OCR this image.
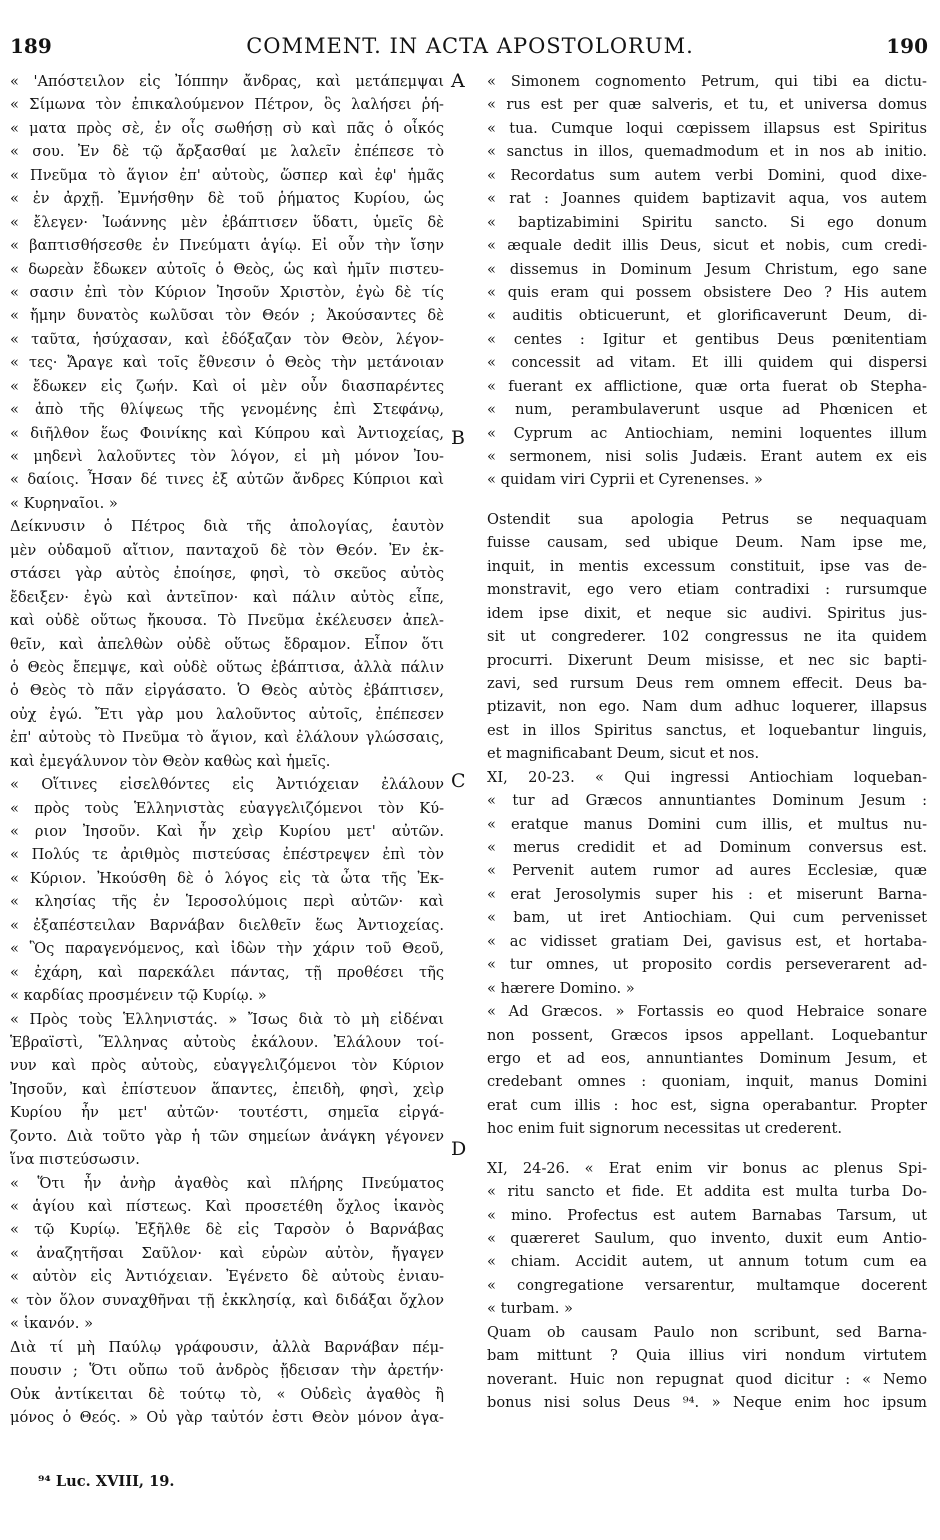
189	COMMENT. IN ACTA APOSTOLORUM.	190
A
B
C
D
« 'Απόστειλον εἰς Ἰόππην ἄνδρας, καὶ μετάπεμψαι
« Σίμωνα τὸν ἐπικαλούμενον Πέτρον, ὃς λαλήσει ῥή-
« ματα πρὸς σὲ, ἐν οἷς σωθήσῃ σὺ καὶ πᾶς ὁ οἶκός
« σου. Ἐν δὲ τῷ ἄρξασθαί με λαλεῖν ἐπέπεσε τὸ
« Πνεῦμα τὸ ἅγιον ἐπ' αὐτοὺς, ὥσπερ καὶ ἐφ' ἡμᾶς
« ἐν ἀρχῇ. Ἐμνήσθην δὲ τοῦ ῥήματος Κυρίου, ὡς
« ἔλεγεν· Ἰωάννης μὲν ἐβάπτισεν ὕδατι, ὑμεῖς δὲ
« βαπτισθήσεσθε ἐν Πνεύματι ἁγίῳ. Εἰ οὖν τὴν ἴσην
« δωρεὰν ἔδωκεν αὐτοῖς ὁ Θεὸς, ὡς καὶ ἡμῖν πιστευ-
« σασιν ἐπὶ τὸν Κύριον Ἰησοῦν Χριστὸν, ἐγὼ δὲ τίς
« ἤμην δυνατὸς κωλῦσαι τὸν Θεόν ; Ἀκούσαντες δὲ
« ταῦτα, ἡσύχασαν, καὶ ἐδόξαζαν τὸν Θεὸν, λέγον-
« τες· Ἄραγε καὶ τοῖς ἔθνεσιν ὁ Θεὸς τὴν μετάνοιαν
« ἔδωκεν εἰς ζωήν. Καὶ οἱ μὲν οὖν διασπαρέντες
« ἀπὸ τῆς θλίψεως τῆς γενομένης ἐπὶ Στεφάνῳ,
« διῆλθον ἕως Φοινίκης καὶ Κύπρου καὶ Ἀντιοχείας,
« μηδενὶ λαλοῦντες τὸν λόγον, εἰ μὴ μόνον Ἰου-
« δαίοις. Ἦσαν δέ τινες ἐξ αὐτῶν ἄνδρες Κύπριοι καὶ
« Κυρηναῖοι. »
Δείκνυσιν ὁ Πέτρος διὰ τῆς ἀπολογίας, ἑαυτὸν
μὲν οὐδαμοῦ αἴτιον, πανταχοῦ δὲ τὸν Θεόν. Ἐν ἐκ-
στάσει γὰρ αὐτὸς ἐποίησε, φησὶ, τὸ σκεῦος αὐτὸς
ἔδειξεν· ἐγὼ καὶ ἀντεῖπον· καὶ πάλιν αὐτὸς εἶπε,
καὶ οὐδὲ οὕτως ἤκουσα. Τὸ Πνεῦμα ἐκέλευσεν ἀπελ-
θεῖν, καὶ ἀπελθὼν οὐδὲ οὕτως ἔδραμον. Εἶπον ὅτι
ὁ Θεὸς ἔπεμψε, καὶ οὐδὲ οὕτως ἐβάπτισα, ἀλλὰ πάλιν
ὁ Θεὸς τὸ πᾶν εἰργάσατο. Ὁ Θεὸς αὐτὸς ἐβάπτισεν,
οὐχ ἐγώ. Ἔτι γὰρ μου λαλοῦντος αὐτοῖς, ἐπέπεσεν
ἐπ' αὐτοὺς τὸ Πνεῦμα τὸ ἅγιον, καὶ ἐλάλουν γλώσσαις,
καὶ ἐμεγάλυνον τὸν Θεὸν καθὼς καὶ ἡμεῖς.
« Οἵτινες εἰσελθόντες εἰς Ἀντιόχειαν ἐλάλουν
« πρὸς τοὺς Ἑλληνιστὰς εὐαγγελιζόμενοι τὸν Κύ-
« ριον Ἰησοῦν. Καὶ ἦν χεὶρ Κυρίου μετ' αὐτῶν.
« Πολύς τε ἀριθμὸς πιστεύσας ἐπέστρεψεν ἐπὶ τὸν
« Κύριον. Ἠκούσθη δὲ ὁ λόγος εἰς τὰ ὦτα τῆς Ἐκ-
« κλησίας τῆς ἐν Ἱεροσολύμοις περὶ αὐτῶν· καὶ
« ἐξαπέστειλαν Βαρνάβαν διελθεῖν ἕως Ἀντιοχείας.
« Ὃς παραγενόμενος, καὶ ἰδὼν τὴν χάριν τοῦ Θεοῦ,
« ἐχάρη, καὶ παρεκάλει πάντας, τῇ προθέσει τῆς
« καρδίας προσμένειν τῷ Κυρίῳ. »
« Πρὸς τοὺς Ἑλληνιστάς. » Ἴσως διὰ τὸ μὴ εἰδέναι
Ἑβραϊστὶ, Ἕλληνας αὐτοὺς ἐκάλουν. Ἐλάλουν τοί-
νυν καὶ πρὸς αὐτοὺς, εὐαγγελιζόμενοι τὸν Κύριον
Ἰησοῦν, καὶ ἐπίστευον ἅπαντες, ἐπειδὴ, φησὶ, χεὶρ
Κυρίου ἦν μετ' αὐτῶν· τουτέστι, σημεῖα εἰργά-
ζοντο. Διὰ τοῦτο γὰρ ἡ τῶν σημείων ἀνάγκη γέγονεν
ἵνα πιστεύσωσιν.
« Ὅτι ἦν ἀνὴρ ἀγαθὸς καὶ πλήρης Πνεύματος
« ἁγίου καὶ πίστεως. Καὶ προσετέθη ὄχλος ἱκανὸς
« τῷ Κυρίῳ. Ἐξῆλθε δὲ εἰς Ταρσὸν ὁ Βαρνάβας
« ἀναζητῆσαι Σαῦλον· καὶ εὑρὼν αὐτὸν, ἤγαγεν
« αὐτὸν εἰς Ἀντιόχειαν. Ἐγένετο δὲ αὐτοὺς ἐνιαυ-
« τὸν ὅλον συναχθῆναι τῇ ἐκκλησίᾳ, καὶ διδάξαι ὄχλον
« ἱκανόν. »
Διὰ τί μὴ Παύλῳ γράφουσιν, ἀλλὰ Βαρνάβαν πέμ-
πουσιν ; Ὅτι οὔπω τοῦ ἀνδρὸς ᾔδεισαν τὴν ἀρετήν·
Οὐκ ἀντίκειται δὲ τούτῳ τὸ, « Οὐδεὶς ἀγαθὸς ἢ
μόνος ὁ Θεός. » Οὐ γὰρ ταὐτόν ἐστι Θεὸν μόνον ἀγα-
« Simonem cognomento Petrum, qui tibi ea dictu-
« rus est per quæ salveris, et tu, et universa domus
« tua. Cumque loqui cœpissem illapsus est Spiritus
« sanctus in illos, quemadmodum et in nos ab initio.
« Recordatus sum autem verbi Domini, quod dixe-
« rat : Joannes quidem baptizavit aqua, vos autem
« baptizabimini Spiritu sancto. Si ego donum
« æquale dedit illis Deus, sicut et nobis, cum credi-
« dissemus in Dominum Jesum Christum, ego sane
« quis eram qui possem obsistere Deo ? His autem
« auditis obticuerunt, et glorificaverunt Deum, di-
« centes : Igitur et gentibus Deus pœnitentiam
« concessit ad vitam. Et illi quidem qui dispersi
« fuerant ex afflictione, quæ orta fuerat ob Stepha-
« num, perambulaverunt usque ad Phœnicen et
« Cyprum ac Antiochiam, nemini loquentes illum
« sermonem, nisi solis Judæis. Erant autem ex eis
« quidam viri Cyprii et Cyrenenses. »
Ostendit sua apologia Petrus se nequaquam
fuisse causam, sed ubique Deum. Nam ipse me,
inquit, in mentis excessum constituit, ipse vas de-
monstravit, ego vero etiam contradixi : rursumque
idem ipse dixit, et neque sic audivi. Spiritus jus-
sit ut congrederer. 102 congressus ne ita quidem
procurri. Dixerunt Deum misisse, et nec sic bapti-
zavi, sed rursum Deus rem omnem effecit. Deus ba-
ptizavit, non ego. Nam dum adhuc loquerer, illapsus
est in illos Spiritus sanctus, et loquebantur linguis,
et magnificabant Deum, sicut et nos.
XI, 20-23. « Qui ingressi Antiochiam loqueban-
« tur ad Græcos annuntiantes Dominum Jesum :
« eratque manus Domini cum illis, et multus nu-
« merus credidit et ad Dominum conversus est.
« Pervenit autem rumor ad aures Ecclesiæ, quæ
« erat Jerosolymis super his : et miserunt Barna-
« bam, ut iret Antiochiam. Qui cum pervenisset
« ac vidisset gratiam Dei, gavisus est, et hortaba-
« tur omnes, ut proposito cordis perseverarent ad-
« hærere Domino. »
« Ad Græcos. » Fortassis eo quod Hebraice sonare
non possent, Græcos ipsos appellant. Loquebantur
ergo et ad eos, annuntiantes Dominum Jesum, et
credebant omnes : quoniam, inquit, manus Domini
erat cum illis : hoc est, signa operabantur. Propter
hoc enim fuit signorum necessitas ut crederent.
XI, 24-26. « Erat enim vir bonus ac plenus Spi-
« ritu sancto et fide. Et addita est multa turba Do-
« mino. Profectus est autem Barnabas Tarsum, ut
« quæreret Saulum, quo invento, duxit eum Antio-
« chiam. Accidit autem, ut annum totum cum ea
« congregatione versarentur, multamque docerent
« turbam. »
Quam ob causam Paulo non scribunt, sed Barna-
bam mittunt ? Quia illius viri nondum virtutem
noverant. Huic non repugnat quod dicitur : « Nemo
bonus nisi solus Deus ⁹⁴. » Neque enim hoc ipsum
⁹⁴ Luc. XVIII, 19.
